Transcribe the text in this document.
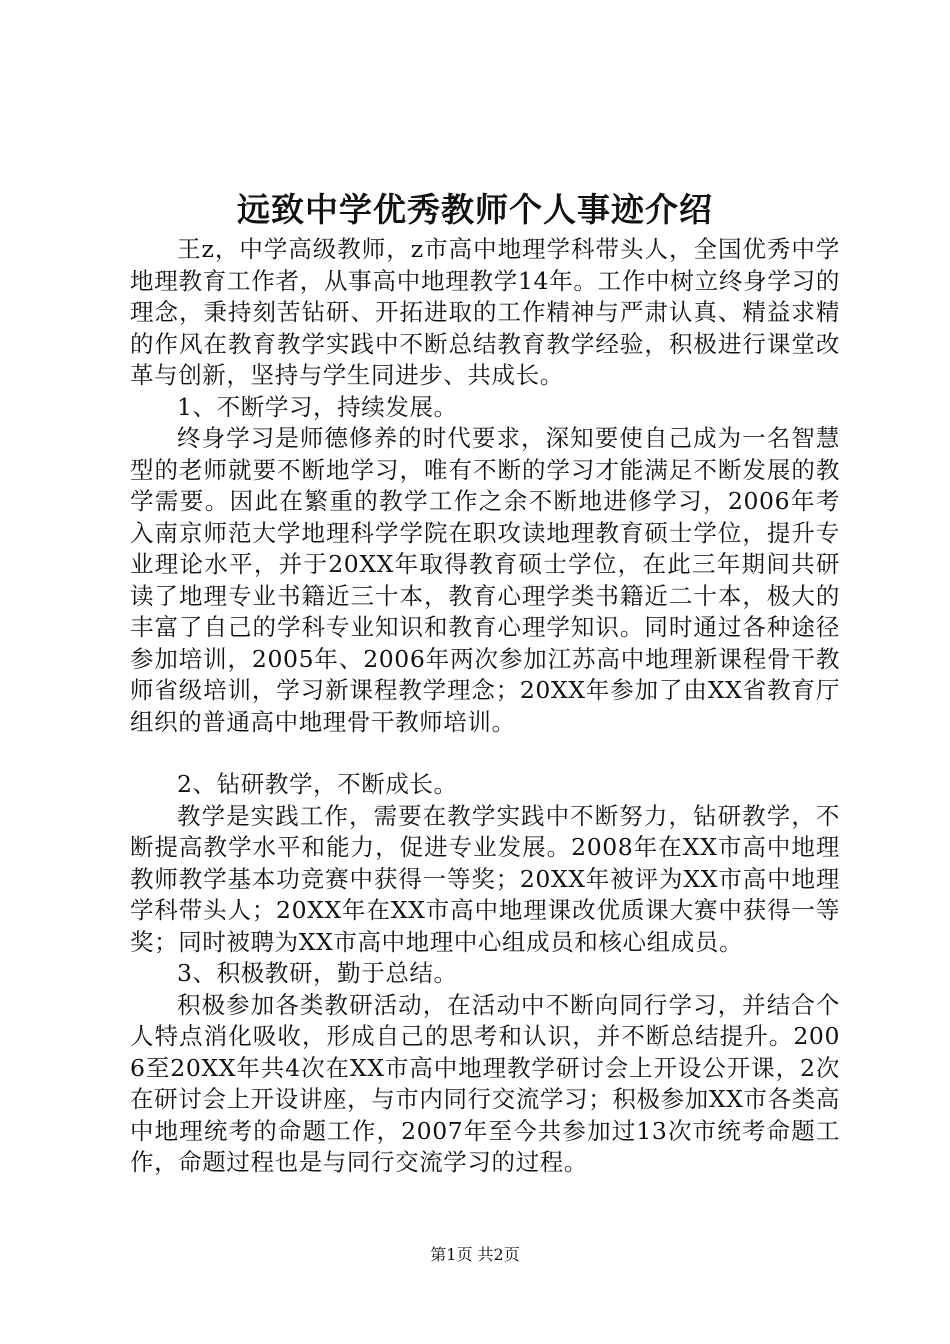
远致中学优秀教师个人事迹介绍

王z，中学高级教师，z市高中地理学科带头人，全国优秀中学地理教育工作者，从事高中地理教学14年。工作中树立终身学习的理念，秉持刻苦钻研、开拓进取的工作精神与严肃认真、精益求精的作风在教育教学实践中不断总结教育教学经验，积极进行课堂改革与创新，坚持与学生同进步、共成长。

1、不断学习，持续发展。

终身学习是师德修养的时代要求，深知要使自己成为一名智慧型的老师就要不断地学习，唯有不断的学习才能满足不断发展的教学需要。因此在繁重的教学工作之余不断地进修学习，2006年考入南京师范大学地理科学学院在职攻读地理教育硕士学位，提升专业理论水平，并于20XX年取得教育硕士学位，在此三年期间共研读了地理专业书籍近三十本，教育心理学类书籍近二十本，极大的丰富了自己的学科专业知识和教育心理学知识。同时通过各种途径参加培训，2005年、2006年两次参加江苏高中地理新课程骨干教师省级培训，学习新课程教学理念；20XX年参加了由XX省教育厅组织的普通高中地理骨干教师培训。

2、钻研教学，不断成长。

教学是实践工作，需要在教学实践中不断努力，钻研教学，不断提高教学水平和能力，促进专业发展。2008年在XX市高中地理教师教学基本功竞赛中获得一等奖；20XX年被评为XX市高中地理学科带头人；20XX年在XX市高中地理课改优质课大赛中获得一等奖；同时被聘为XX市高中地理中心组成员和核心组成员。

3、积极教研，勤于总结。

积极参加各类教研活动，在活动中不断向同行学习，并结合个人特点消化吸收，形成自己的思考和认识，并不断总结提升。2006至20XX年共4次在XX市高中地理教学研讨会上开设公开课，2次在研讨会上开设讲座，与市内同行交流学习；积极参加XX市各类高中地理统考的命题工作，2007年至今共参加过13次市统考命题工作，命题过程也是与同行交流学习的过程。

第1页 共2页
